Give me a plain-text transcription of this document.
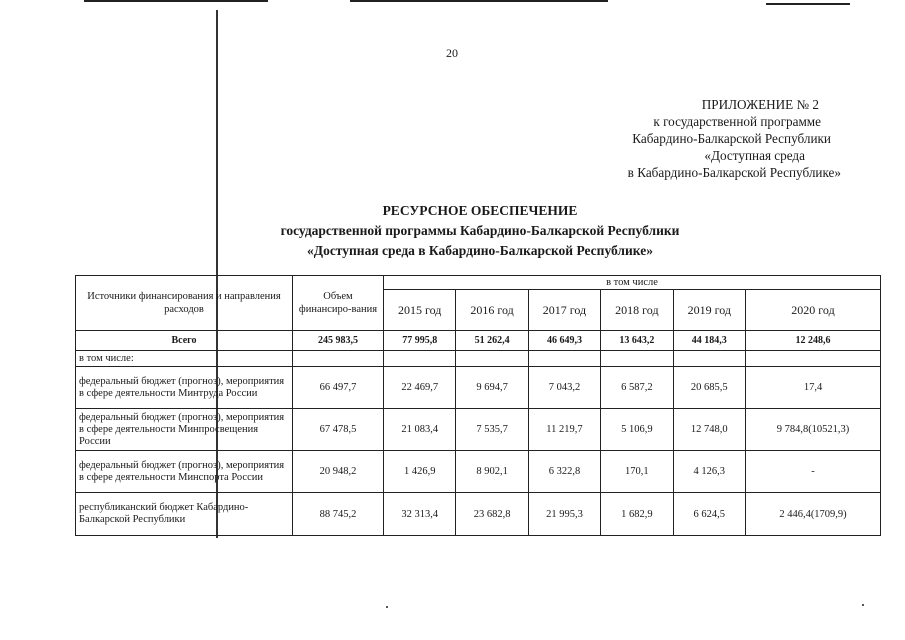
20
ПРИЛОЖЕНИЕ № 2
к государственной программе
Кабардино-Балкарской Республики
«Доступная среда
в Кабардино-Балкарской Республике»
РЕСУРСНОЕ ОБЕСПЕЧЕНИЕ
государственной программы Кабардино-Балкарской Республики
«Доступная среда в Кабардино-Балкарской Республике»
Источники финансирования и направления расходов	Объем финансиро-вания	в том числе					
		2015 год	2016 год	2017 год	2018 год	2019 год	2020 год
Всего	245 983,5	77 995,8	51 262,4	46 649,3	13 643,2	44 184,3	12 248,6
в том числе:							
федеральный бюджет (прогноз), мероприятия в сфере деятельности Минтруда России	66 497,7	22 469,7	9 694,7	7 043,2	6 587,2	20 685,5	17,4
федеральный бюджет (прогноз), мероприятия в сфере деятельности Минпросвещения России	67 478,5	21 083,4	7 535,7	11 219,7	5 106,9	12 748,0	9 784,8(10521,3)
федеральный бюджет (прогноз), мероприятия в сфере деятельности Минспорта России	20 948,2	1 426,9	8 902,1	6 322,8	170,1	4 126,3	-
республиканский бюджет Кабардино-Балкарской Республики	88 745,2	32 313,4	23 682,8	21 995,3	1 682,9	6 624,5	2 446,4(1709,9)
